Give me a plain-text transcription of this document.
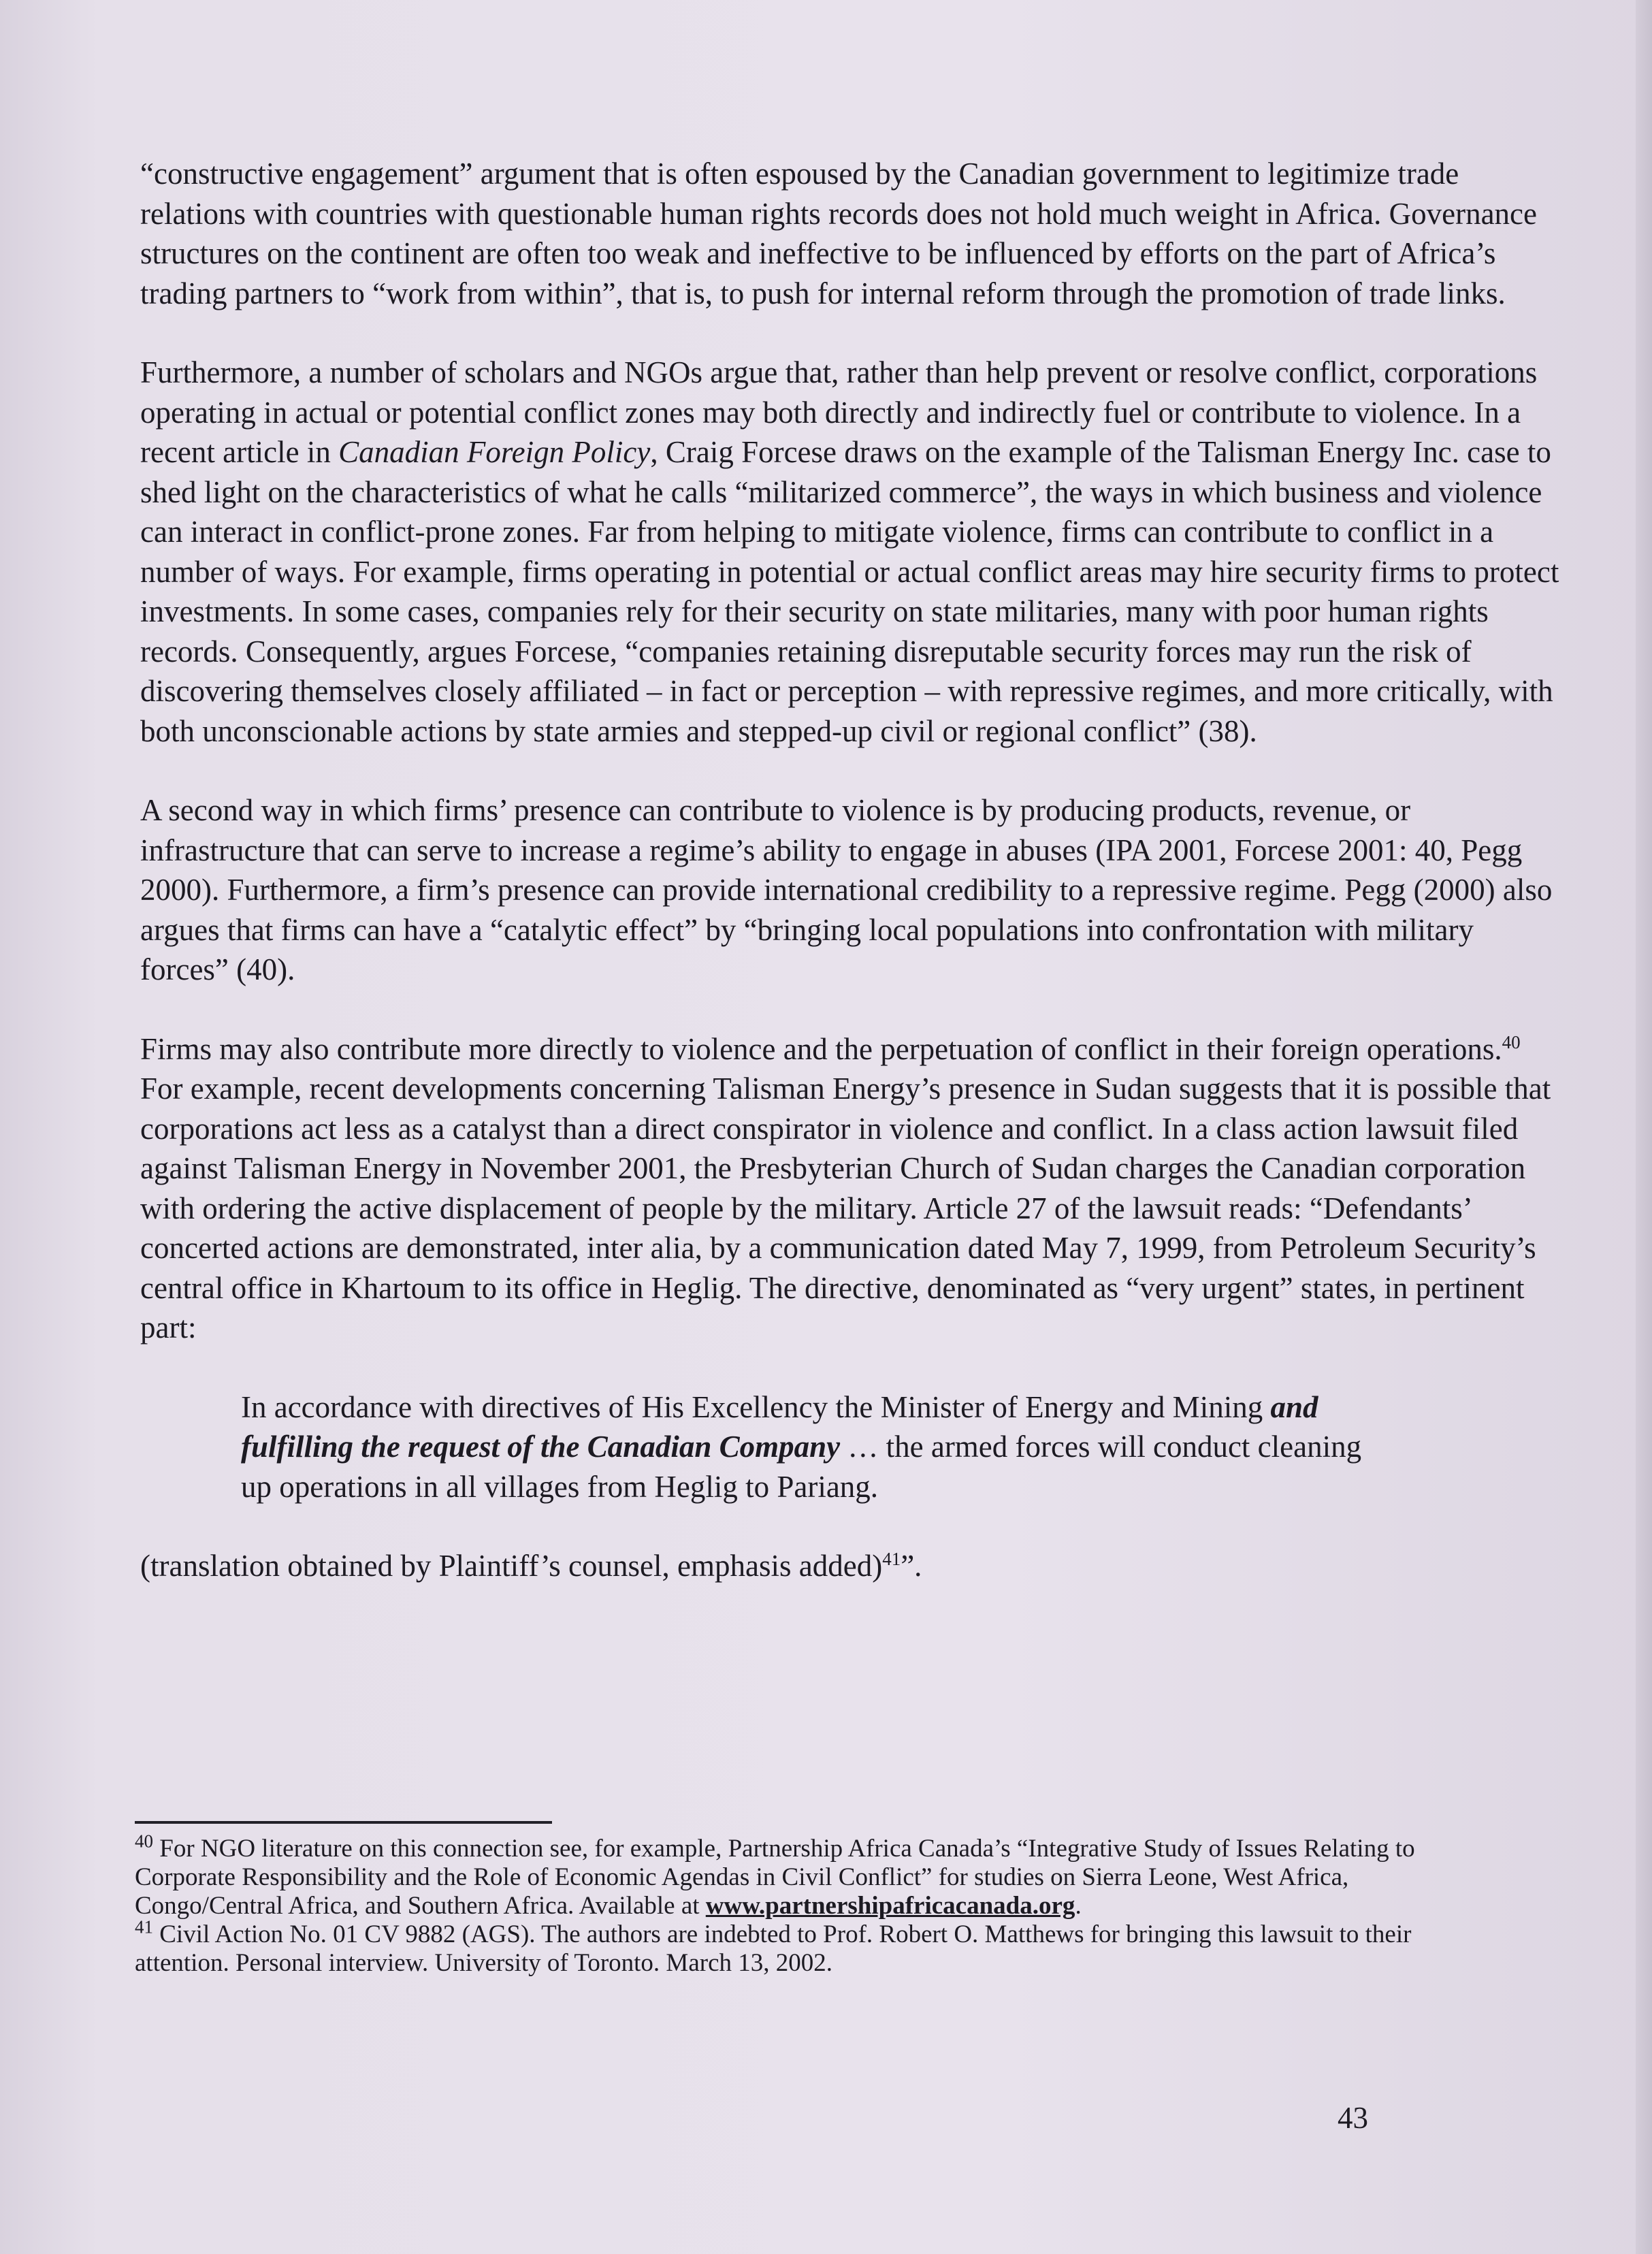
“constructive engagement” argument that is often espoused by the Canadian government to legitimize trade relations with countries with questionable human rights records does not hold much weight in Africa. Governance structures on the continent are often too weak and ineffective to be influenced by efforts on the part of Africa’s trading partners to “work from within”, that is, to push for internal reform through the promotion of trade links.

Furthermore, a number of scholars and NGOs argue that, rather than help prevent or resolve conflict, corporations operating in actual or potential conflict zones may both directly and indirectly fuel or contribute to violence. In a recent article in Canadian Foreign Policy, Craig Forcese draws on the example of the Talisman Energy Inc. case to shed light on the characteristics of what he calls “militarized commerce”, the ways in which business and violence can interact in conflict-prone zones. Far from helping to mitigate violence, firms can contribute to conflict in a number of ways. For example, firms operating in potential or actual conflict areas may hire security firms to protect investments. In some cases, companies rely for their security on state militaries, many with poor human rights records. Consequently, argues Forcese, “companies retaining disreputable security forces may run the risk of discovering themselves closely affiliated – in fact or perception – with repressive regimes, and more critically, with both unconscionable actions by state armies and stepped-up civil or regional conflict” (38).

A second way in which firms’ presence can contribute to violence is by producing products, revenue, or infrastructure that can serve to increase a regime’s ability to engage in abuses (IPA 2001, Forcese 2001: 40, Pegg 2000). Furthermore, a firm’s presence can provide international credibility to a repressive regime. Pegg (2000) also argues that firms can have a “catalytic effect” by “bringing local populations into confrontation with military forces” (40).

Firms may also contribute more directly to violence and the perpetuation of conflict in their foreign operations.$^{40}$ For example, recent developments concerning Talisman Energy’s presence in Sudan suggests that it is possible that corporations act less as a catalyst than a direct conspirator in violence and conflict. In a class action lawsuit filed against Talisman Energy in November 2001, the Presbyterian Church of Sudan charges the Canadian corporation with ordering the active displacement of people by the military. Article 27 of the lawsuit reads: “Defendants’ concerted actions are demonstrated, inter alia, by a communication dated May 7, 1999, from Petroleum Security’s central office in Khartoum to its office in Heglig. The directive, denominated as “very urgent” states, in pertinent part:

In accordance with directives of His Excellency the Minister of Energy and Mining and fulfilling the request of the Canadian Company … the armed forces will conduct cleaning up operations in all villages from Heglig to Pariang.

(translation obtained by Plaintiff’s counsel, emphasis added)$^{41}$”.

$^{40}$ For NGO literature on this connection see, for example, Partnership Africa Canada’s “Integrative Study of Issues Relating to Corporate Responsibility and the Role of Economic Agendas in Civil Conflict” for studies on Sierra Leone, West Africa, Congo/Central Africa, and Southern Africa. Available at www.partnershipafricacanada.org.

$^{41}$ Civil Action No. 01 CV 9882 (AGS). The authors are indebted to Prof. Robert O. Matthews for bringing this lawsuit to their attention. Personal interview. University of Toronto. March 13, 2002.

43
